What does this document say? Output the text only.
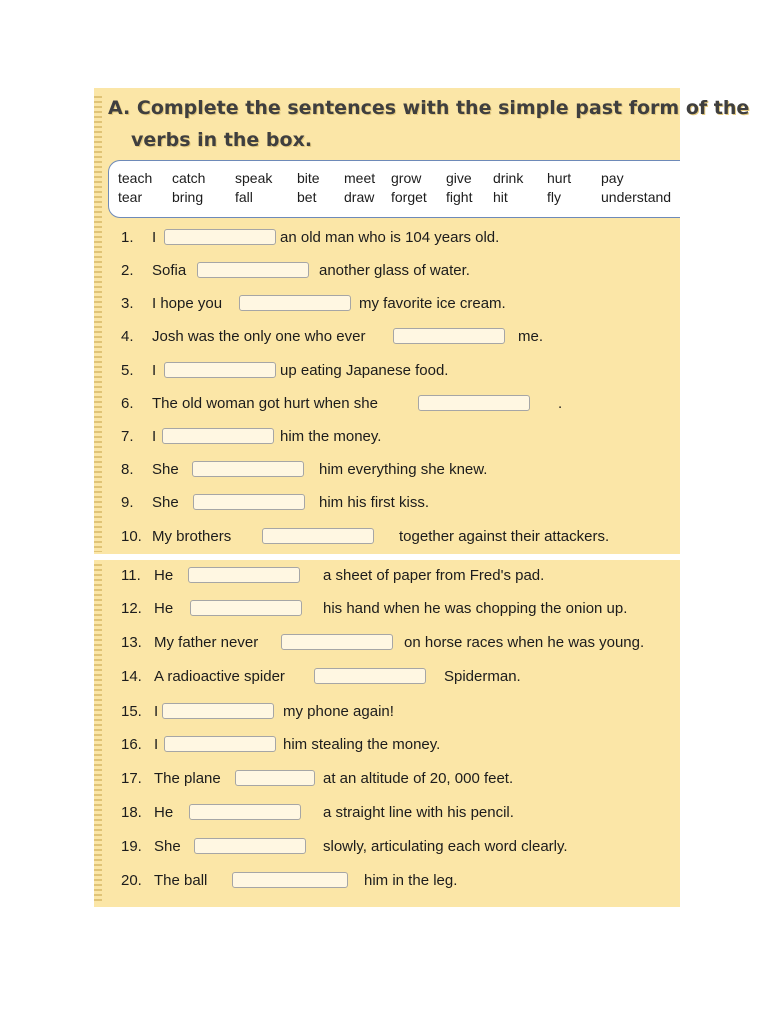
A. Complete the sentences with the simple past form of the
verbs in the box.
teach catch speak bite meet grow give drink hurt pay
tear bring fall	bet draw forget fight hit	fly	understand
1. I	an old man who is 104 years old.
2. Sofia	another glass of water.
3. I hope you	my favorite ice cream.
4. Josh was the only one who ever	me.
5. I	up eating Japanese food.
6. The old woman got hurt when she	.
7. I	him the money.
8. She	him everything she knew.
9. She	him his first kiss.
10. My brothers	together against their attackers.
11. He	a sheet of paper from Fred's pad.
12. He	his hand when he was chopping the onion up.
13. My father never	on horse races when he was young.
14. A radioactive spider	Spiderman.
15. I	my phone again!
16. I	him stealing the money.
17. The plane	at an altitude of 20, 000 feet.
18. He	a straight line with his pencil.
19. She	slowly, articulating each word clearly.
20. The ball	him in the leg.
